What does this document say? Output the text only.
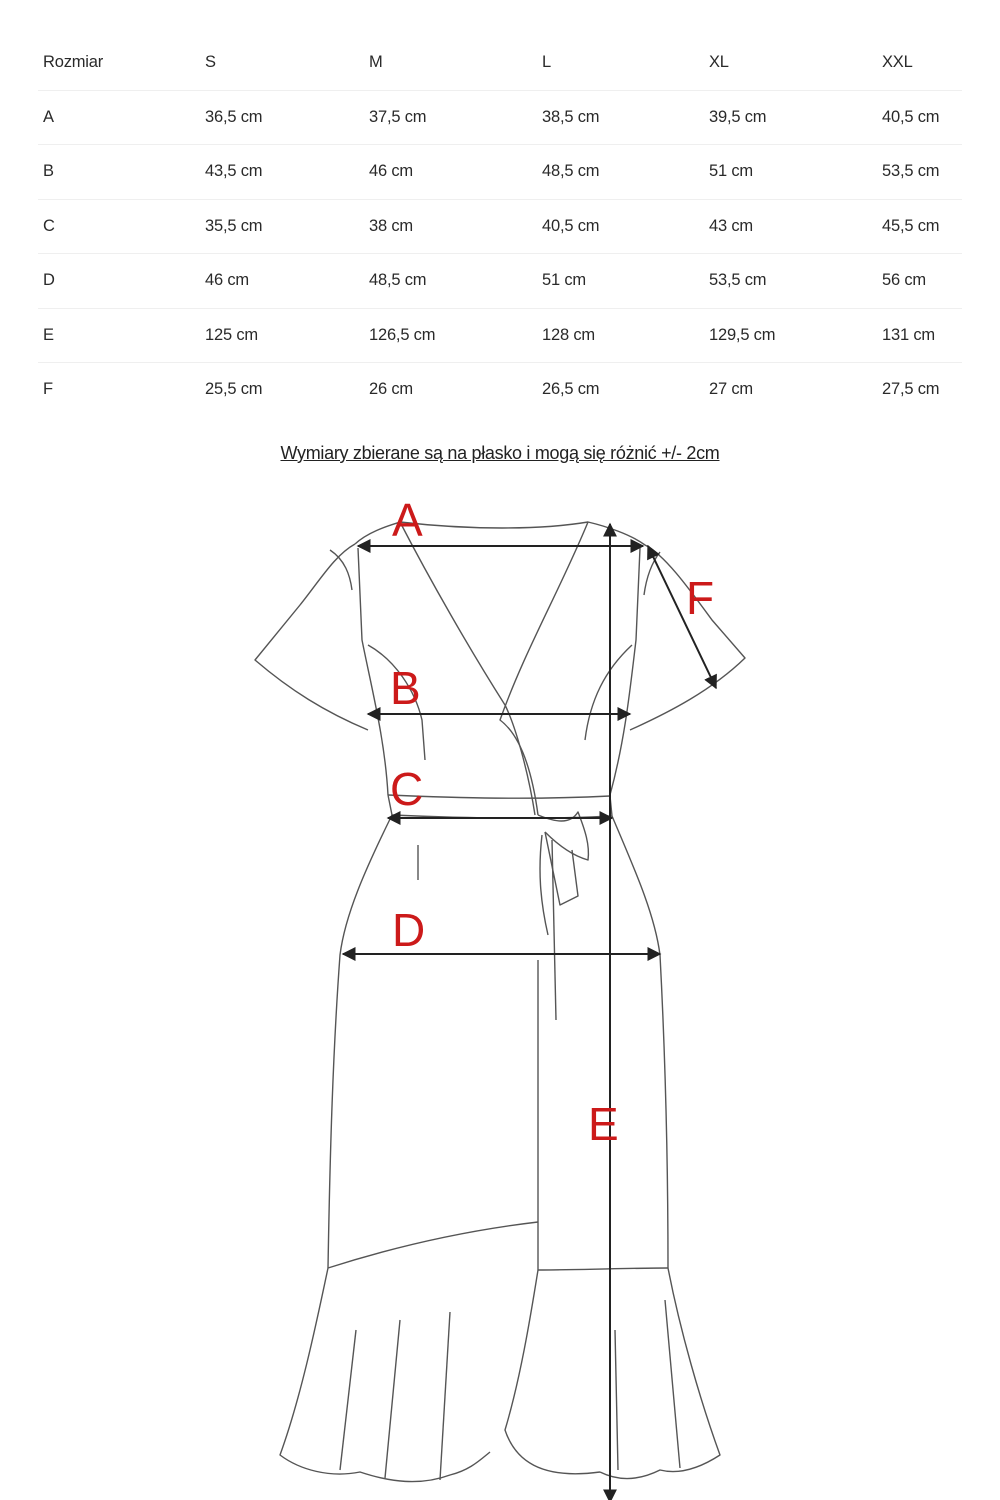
Rozmiar	S	M	L	XL	XXL
A	36,5 cm	37,5 cm	38,5 cm	39,5 cm	40,5 cm
B	43,5 cm	46 cm	48,5 cm	51 cm	53,5 cm
C	35,5 cm	38 cm	40,5 cm	43 cm	45,5 cm
D	46 cm	48,5 cm	51 cm	53,5 cm	56 cm
E	125 cm	126,5 cm	128 cm	129,5 cm	131 cm
F	25,5 cm	26 cm	26,5 cm	27 cm	27,5 cm
Wymiary zbierane są na płasko i mogą się różnić +/- 2cm
A
B
C
D
E
F
